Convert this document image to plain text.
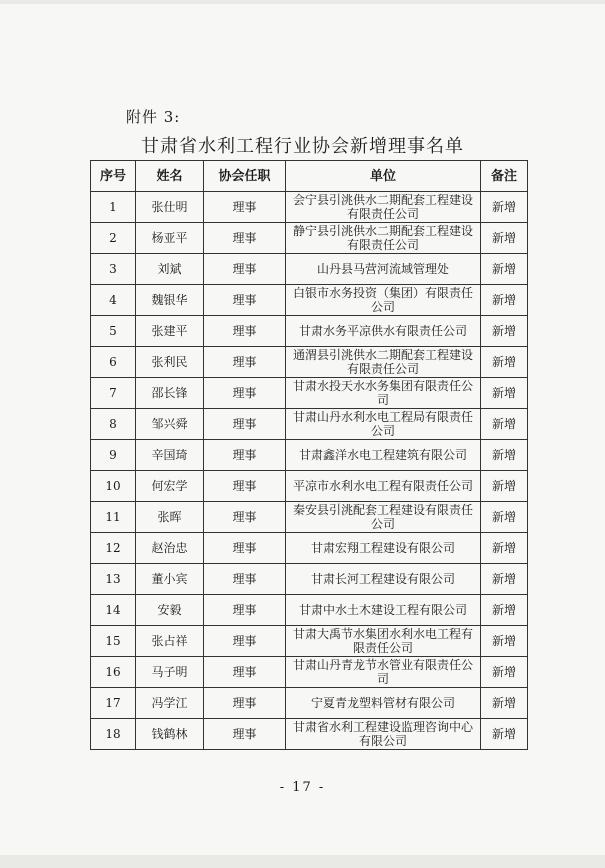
附件 3:
甘肃省水利工程行业协会新增理事名单
序号	姓名	协会任职	单位	备注
1	张仕明	理事	会宁县引洮供水二期配套工程建设有限责任公司	新增
2	杨亚平	理事	静宁县引洮供水二期配套工程建设有限责任公司	新增
3	刘斌	理事	山丹县马营河流域管理处	新增
4	魏银华	理事	白银市水务投资（集团）有限责任公司	新增
5	张建平	理事	甘肃水务平凉供水有限责任公司	新增
6	张利民	理事	通渭县引洮供水二期配套工程建设有限责任公司	新增
7	邵长锋	理事	甘肃水投天水水务集团有限责任公司	新增
8	邹兴舜	理事	甘肃山丹水利水电工程局有限责任公司	新增
9	辛国琦	理事	甘肃鑫洋水电工程建筑有限公司	新增
10	何宏学	理事	平凉市水利水电工程有限责任公司	新增
11	张晖	理事	秦安县引洮配套工程建设有限责任公司	新增
12	赵治忠	理事	甘肃宏翔工程建设有限公司	新增
13	董小宾	理事	甘肃长河工程建设有限公司	新增
14	安毅	理事	甘肃中水土木建设工程有限公司	新增
15	张占祥	理事	甘肃大禹节水集团水利水电工程有限责任公司	新增
16	马子明	理事	甘肃山丹青龙节水管业有限责任公司	新增
17	冯学江	理事	宁夏青龙塑料管材有限公司	新增
18	钱鹤林	理事	甘肃省水利工程建设监理咨询中心有限公司	新增
- 17 -
